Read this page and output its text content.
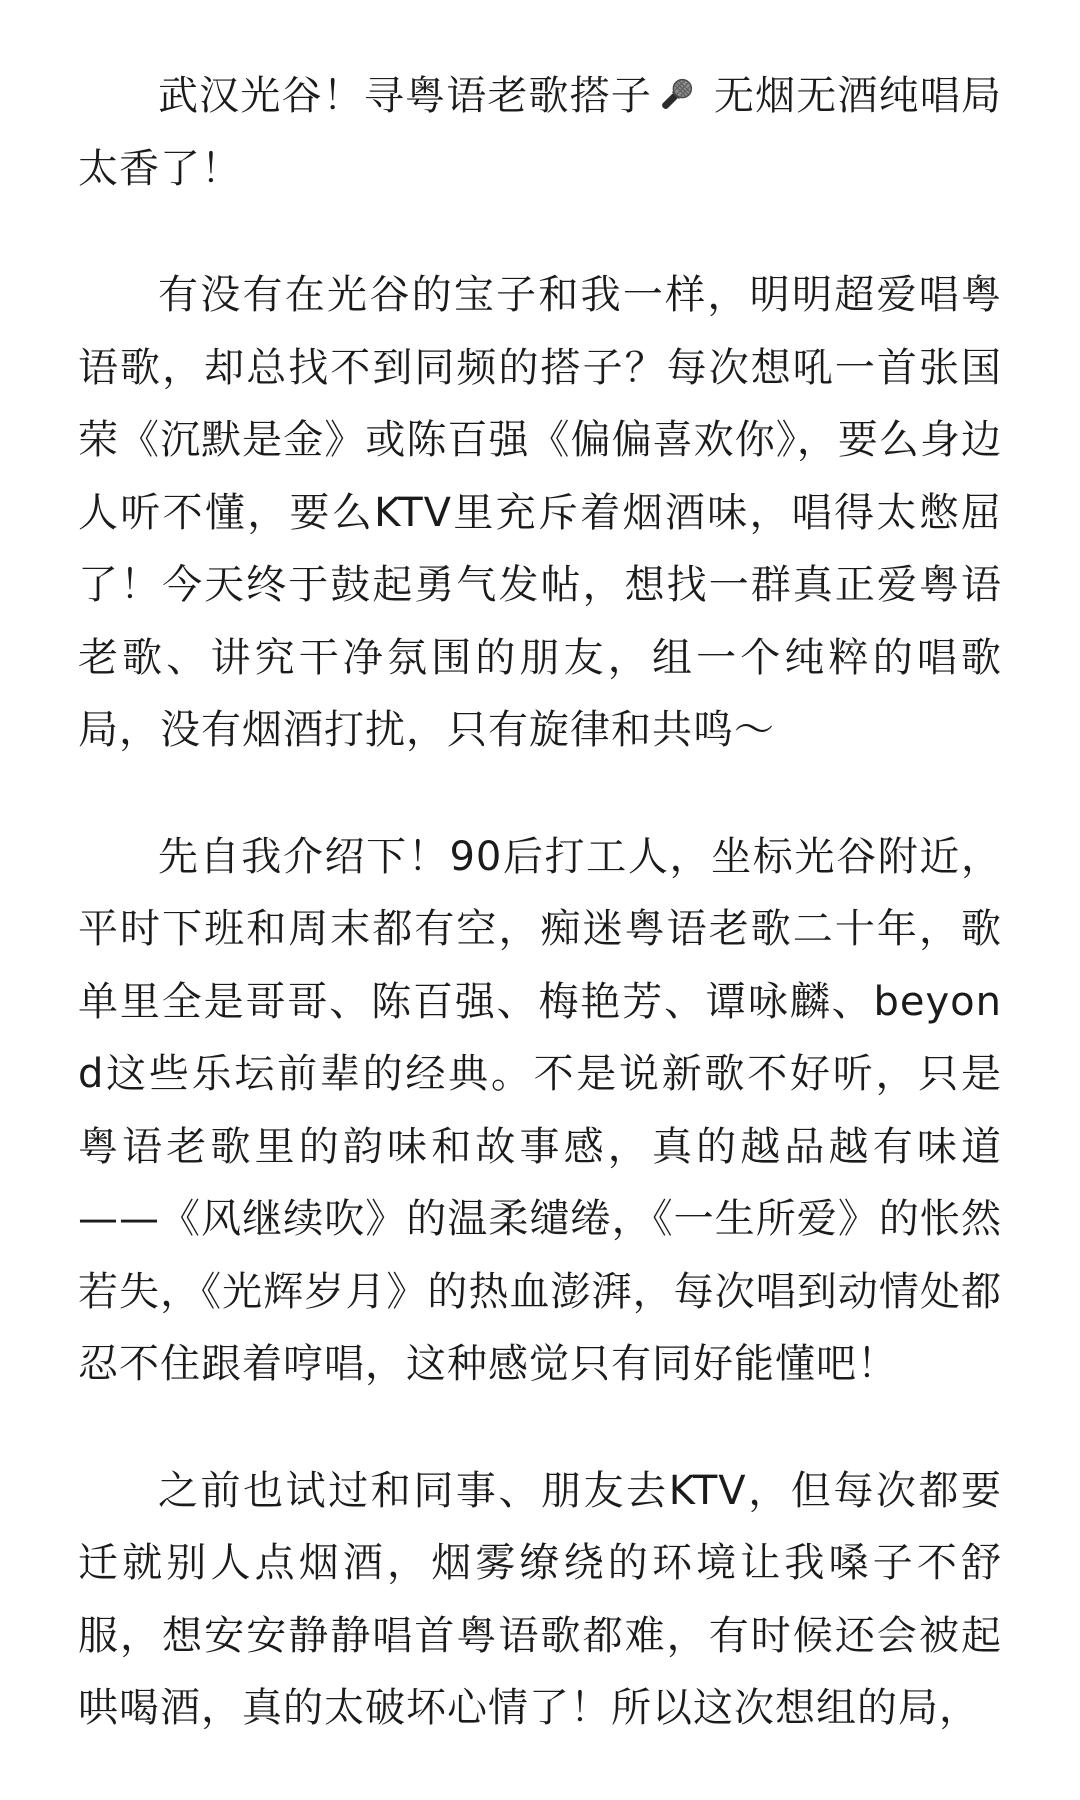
武汉光谷！寻粤语老歌搭子
无烟无酒纯唱局太香了！

有没有在光谷的宝子和我一样，明明超爱唱粤语歌，却总找不到同频的搭子？每次想吼一首张国荣《沉默是金》或陈百强《偏偏喜欢你》，要么身边人听不懂，要么KTV里充斥着烟酒味，唱得太憋屈了！今天终于鼓起勇气发帖，想找一群真正爱粤语老歌、讲究干净氛围的朋友，组一个纯粹的唱歌局，没有烟酒打扰，只有旋律和共鸣～

先自我介绍下！90后打工人，坐标光谷附近，平时下班和周末都有空，痴迷粤语老歌二十年，歌单里全是哥哥、陈百强、梅艳芳、谭咏麟、beyond这些乐坛前辈的经典。不是说新歌不好听，只是粤语老歌里的韵味和故事感，真的越品越有味道——《风继续吹》的温柔缱绻，《一生所爱》的怅然若失，《光辉岁月》的热血澎湃，每次唱到动情处都忍不住跟着哼唱，这种感觉只有同好能懂吧！

之前也试过和同事、朋友去KTV，但每次都要迁就别人点烟酒，烟雾缭绕的环境让我嗓子不舒服，想安安静静唱首粤语歌都难，有时候还会被起哄喝酒，真的太破坏心情了！所以这次想组的局，
